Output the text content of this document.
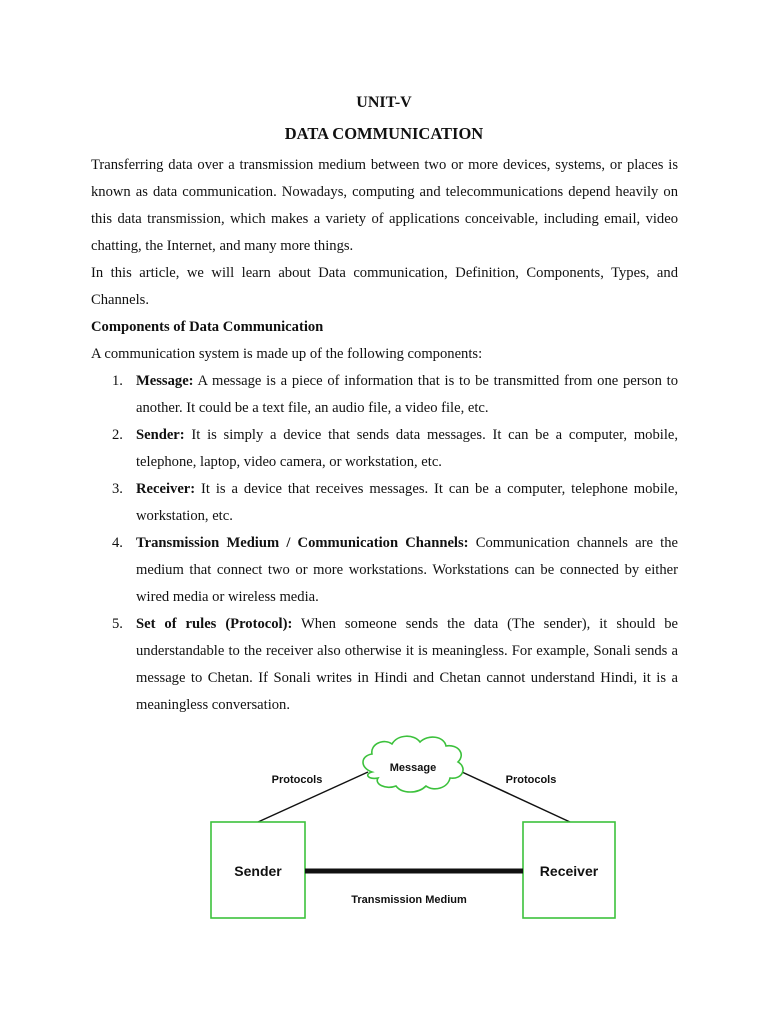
UNIT-V
DATA COMMUNICATION

Transferring data over a transmission medium between two or more devices, systems, or places is known as data communication. Nowadays, computing and telecommunications depend heavily on this data transmission, which makes a variety of applications conceivable, including email, video chatting, the Internet, and many more things.

In this article, we will learn about Data communication, Definition, Components, Types, and Channels.

Components of Data Communication

A communication system is made up of the following components:

1. Message: A message is a piece of information that is to be transmitted from one person to another. It could be a text file, an audio file, a video file, etc.
2. Sender: It is simply a device that sends data messages. It can be a computer, mobile, telephone, laptop, video camera, or workstation, etc.
3. Receiver: It is a device that receives messages. It can be a computer, telephone mobile, workstation, etc.
4. Transmission Medium / Communication Channels: Communication channels are the medium that connect two or more workstations. Workstations can be connected by either wired media or wireless media.
5. Set of rules (Protocol): When someone sends the data (The sender), it should be understandable to the receiver also otherwise it is meaningless. For example, Sonali sends a message to Chetan. If Sonali writes in Hindi and Chetan cannot understand Hindi, it is a meaningless conversation.
Message
Protocols	Protocols
Sender	Receiver
Transmission Medium
